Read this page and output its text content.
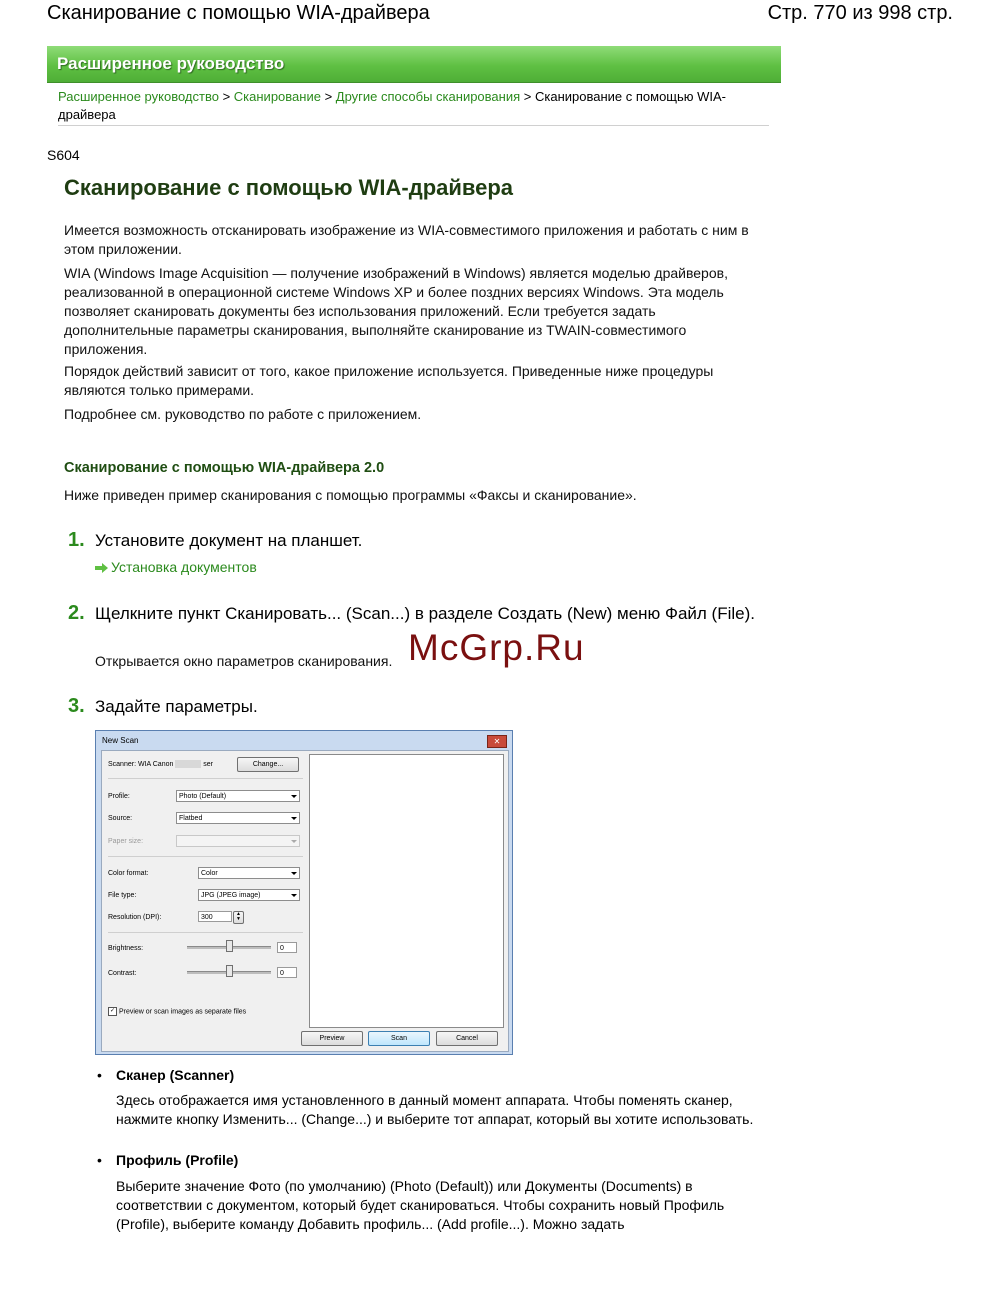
Сканирование с помощью WIA-драйвера	Стр. 770 из 998 стр.
Расширенное руководство
Расширенное руководство > Сканирование > Другие способы сканирования > Сканирование с помощью WIA-драйвера
S604
Сканирование с помощью WIA-драйвера
Имеется возможность отсканировать изображение из WIA-совместимого приложения и работать с ним в этом приложении.
WIA (Windows Image Acquisition — получение изображений в Windows) является моделью драйверов, реализованной в операционной системе Windows XP и более поздних версиях Windows. Эта модель позволяет сканировать документы без использования приложений. Если требуется задать дополнительные параметры сканирования, выполняйте сканирование из TWAIN-совместимого приложения.
Порядок действий зависит от того, какое приложение используется. Приведенные ниже процедуры являются только примерами.
Подробнее см. руководство по работе с приложением.
Сканирование с помощью WIA-драйвера 2.0
Ниже приведен пример сканирования с помощью программы «Факсы и сканирование».
1. Установите документ на планшет.
Установка документов
2. Щелкните пункт Сканировать... (Scan...) в разделе Создать (New) меню Файл (File).
Открывается окно параметров сканирования. McGrp.Ru
3. Задайте параметры.
New Scan	✕
Scanner: WIA Canon	ser	Change...
Profile:	Photo (Default)
Source:	Flatbed
Paper size:
Color format:	Color
File type:	JPG (JPEG image)
Resolution (DPI):	300	▲
▼
Brightness:	0
Contrast:	0
✓ Preview or scan images as separate files
Preview	Scan	Cancel
• Сканер (Scanner)
Здесь отображается имя установленного в данный момент аппарата. Чтобы поменять сканер, нажмите кнопку Изменить... (Change...) и выберите тот аппарат, который вы хотите использовать.
• Профиль (Profile)
Выберите значение Фото (по умолчанию) (Photo (Default)) или Документы (Documents) в соответствии с документом, который будет сканироваться. Чтобы сохранить новый Профиль (Profile), выберите команду Добавить профиль... (Add profile...). Можно задать
